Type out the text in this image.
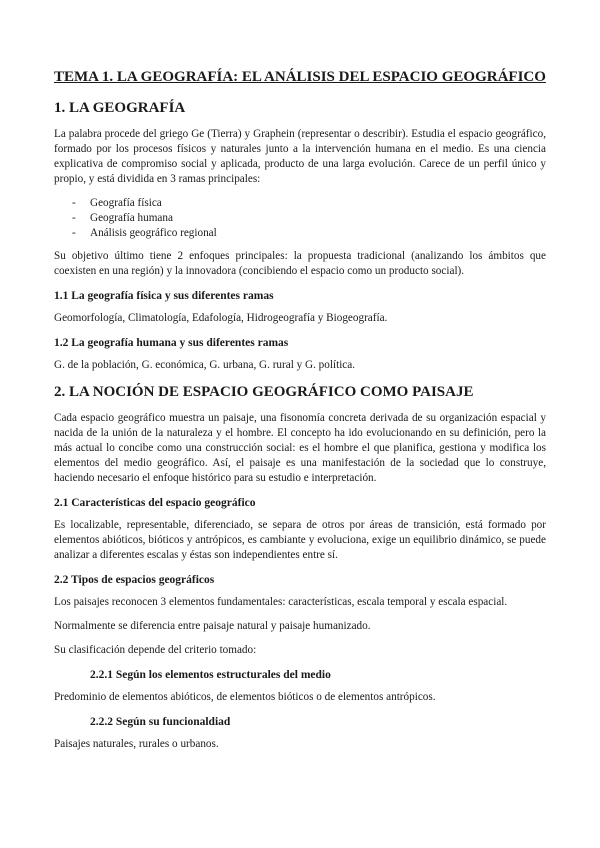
TEMA 1. LA GEOGRAFÍA: EL ANÁLISIS DEL ESPACIO GEOGRÁFICO
1. LA GEOGRAFÍA

La palabra procede del griego Ge (Tierra) y Graphein (representar o describir). Estudia el espacio geográfico, formado por los procesos físicos y naturales junto a la intervención humana en el medio. Es una ciencia explicativa de compromiso social y aplicada, producto de una larga evolución. Carece de un perfil único y propio, y está dividida en 3 ramas principales:

- Geografía física
- Geografía humana
- Análisis geográfico regional

Su objetivo último tiene 2 enfoques principales: la propuesta tradicional (analizando los ámbitos que coexisten en una región) y la innovadora (concibiendo el espacio como un producto social).

1.1 La geografía física y sus diferentes ramas

Geomorfología, Climatología, Edafología, Hidrogeografía y Biogeografía.

1.2 La geografía humana y sus diferentes ramas

G. de la población, G. económica, G. urbana, G. rural y G. política.

2. LA NOCIÓN DE ESPACIO GEOGRÁFICO COMO PAISAJE

Cada espacio geográfico muestra un paisaje, una fisonomía concreta derivada de su organización espacial y nacida de la unión de la naturaleza y el hombre. El concepto ha ido evolucionando en su definición, pero la más actual lo concibe como una construcción social: es el hombre el que planifica, gestiona y modifica los elementos del medio geográfico. Así, el paisaje es una manifestación de la sociedad que lo construye, haciendo necesario el enfoque histórico para su estudio e interpretación.

2.1 Características del espacio geográfico

Es localizable, representable, diferenciado, se separa de otros por áreas de transición, está formado por elementos abióticos, bióticos y antrópicos, es cambiante y evoluciona, exige un equilibrio dinámico, se puede analizar a diferentes escalas y éstas son independientes entre sí.

2.2 Tipos de espacios geográficos

Los paisajes reconocen 3 elementos fundamentales: características, escala temporal y escala espacial.

Normalmente se diferencia entre paisaje natural y paisaje humanizado.

Su clasificación depende del criterio tomado:

2.2.1 Según los elementos estructurales del medio

Predominio de elementos abióticos, de elementos bióticos o de elementos antrópicos.

2.2.2 Según su funcionaldiad

Paisajes naturales, rurales o urbanos.
